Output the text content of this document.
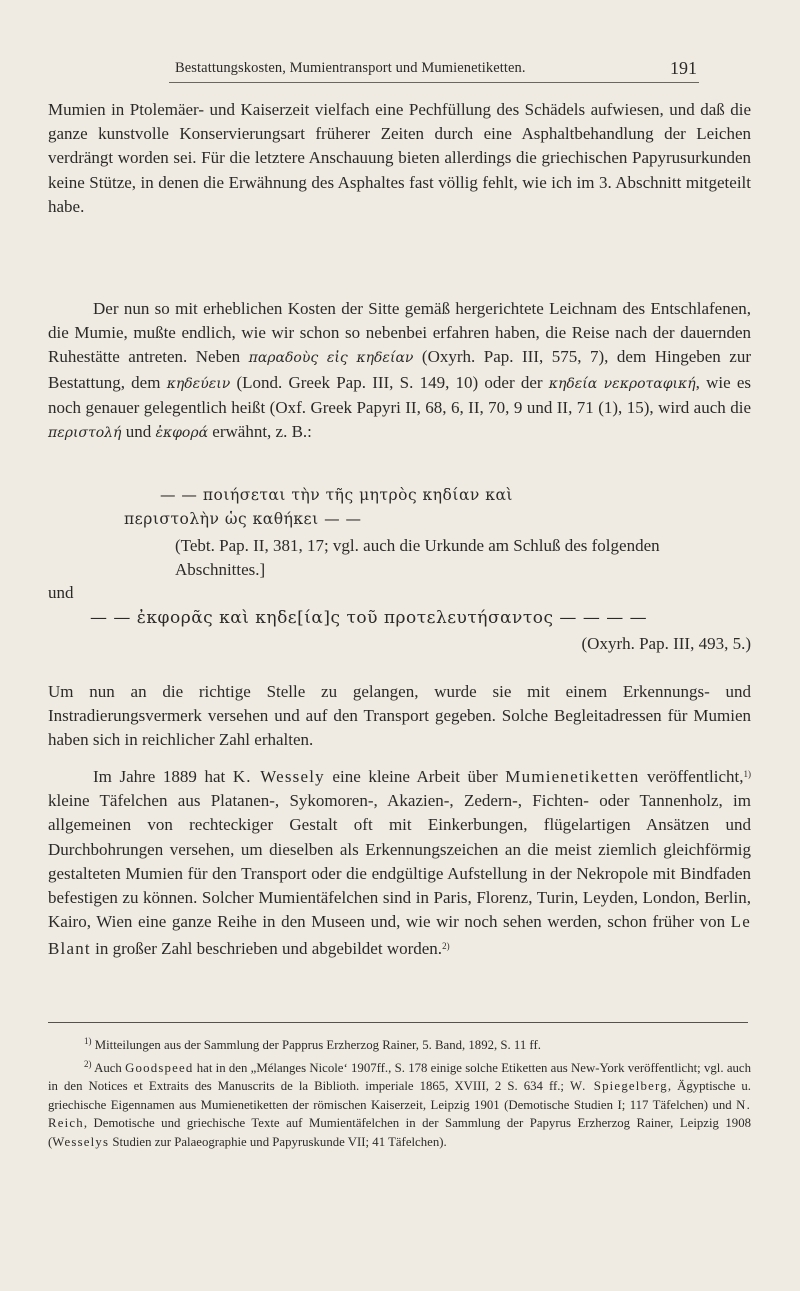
Bestattungskosten, Mumientransport und Mumienetiketten.	191

Mumien in Ptolemäer- und Kaiserzeit vielfach eine Pechfüllung des Schädels aufwiesen, und daß die ganze kunstvolle Konservierungsart früherer Zeiten durch eine Asphaltbehandlung der Leichen verdrängt worden sei. Für die letztere Anschauung bieten allerdings die griechischen Papyrusurkunden keine Stütze, in denen die Erwähnung des Asphaltes fast völlig fehlt, wie ich im 3. Abschnitt mitgeteilt habe.

Der nun so mit erheblichen Kosten der Sitte gemäß hergerichtete Leichnam des Entschlafenen, die Mumie, mußte endlich, wie wir schon so nebenbei erfahren haben, die Reise nach der dauernden Ruhestätte antreten. Neben παραδοὺς εἰς κηδείαν (Oxyrh. Pap. III, 575, 7), dem Hingeben zur Bestattung, dem κηδεύειν (Lond. Greek Pap. III, S. 149, 10) oder der κηδεία νεκροταφική, wie es noch genauer gelegentlich heißt (Oxf. Greek Papyri II, 68, 6, II, 70, 9 und II, 71 (1), 15), wird auch die περιστολή und ἐκφορά erwähnt, z. B.:

— — ποιήσεται τὴν τῆς μητρὸς κηδίαν καὶ
περιστολὴν ὡς καθήκει — —

(Tebt. Pap. II, 381, 17; vgl. auch die Urkunde am Schluß des folgenden Abschnittes.]

und
— — ἐκφορᾶς καὶ κηδε[ία]ς τοῦ προτελευτήσαντος — — — —
(Oxyrh. Pap. III, 493, 5.)

Um nun an die richtige Stelle zu gelangen, wurde sie mit einem Erkennungs- und Instradierungsvermerk versehen und auf den Transport gegeben. Solche Begleitadressen für Mumien haben sich in reichlicher Zahl erhalten.

Im Jahre 1889 hat K. Wessely eine kleine Arbeit über Mumienetiketten veröffentlicht,$^{1)}$ kleine Täfelchen aus Platanen-, Sykomoren-, Akazien-, Zedern-, Fichten- oder Tannenholz, im allgemeinen von rechteckiger Gestalt oft mit Einkerbungen, flügelartigen Ansätzen und Durchbohrungen versehen, um dieselben als Erkennungszeichen an die meist ziemlich gleichförmig gestalteten Mumien für den Transport oder die endgültige Aufstellung in der Nekropole mit Bindfaden befestigen zu können. Solcher Mumientäfelchen sind in Paris, Florenz, Turin, Leyden, London, Berlin, Kairo, Wien eine ganze Reihe in den Museen und, wie wir noch sehen werden, schon früher von Le Blant in großer Zahl beschrieben und abgebildet worden.$^{2)}$

$^{1)}$ Mitteilungen aus der Sammlung der Papprus Erzherzog Rainer, 5. Band, 1892, S. 11 ff.

$^{2)}$ Auch Goodspeed hat in den „Mélanges Nicole‘ 1907ff., S. 178 einige solche Etiketten aus New-York veröffentlicht; vgl. auch in den Notices et Extraits des Manuscrits de la Biblioth. imperiale 1865, XVIII, 2 S. 634 ff.; W. Spiegelberg, Ägyptische u. griechische Eigennamen aus Mumienetiketten der römischen Kaiserzeit, Leipzig 1901 (Demotische Studien I; 117 Täfelchen) und N. Reich, Demotische und griechische Texte auf Mumientäfelchen in der Sammlung der Papyrus Erzherzog Rainer, Leipzig 1908 (Wesselys Studien zur Palaeographie und Papyruskunde VII; 41 Täfelchen).
